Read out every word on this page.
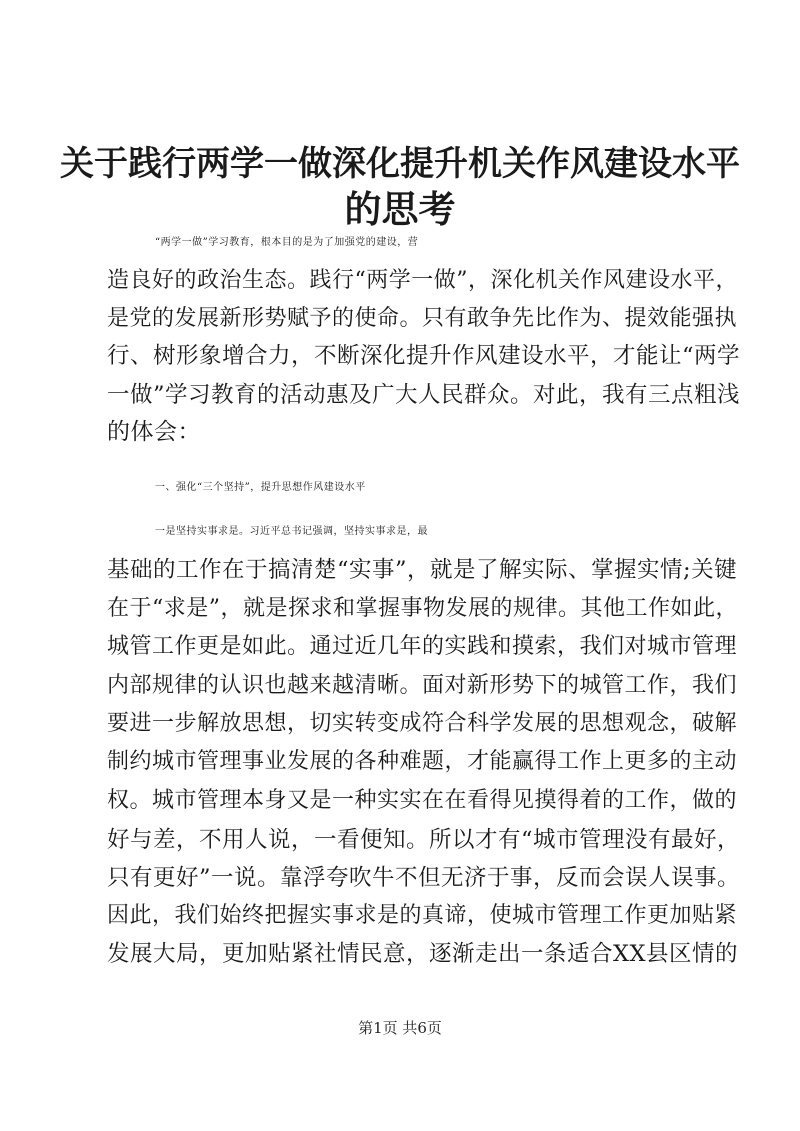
关于践行两学一做深化提升机关作风建设水平
的思考
“两学一做”学习教育，根本目的是为了加强党的建设，营
造良好的政治生态。践行“两学一做”，深化机关作风建设水平，
是党的发展新形势赋予的使命。只有敢争先比作为、提效能强执
行、树形象增合力，不断深化提升作风建设水平，才能让“两学
一做”学习教育的活动惠及广大人民群众。对此，我有三点粗浅
的体会：
一、强化“三个坚持”，提升思想作风建设水平
一是坚持实事求是。习近平总书记强调，坚持实事求是，最
基础的工作在于搞清楚“实事”，就是了解实际、掌握实情;关键
在于“求是”，就是探求和掌握事物发展的规律。其他工作如此，
城管工作更是如此。通过近几年的实践和摸索，我们对城市管理
内部规律的认识也越来越清晰。面对新形势下的城管工作，我们
要进一步解放思想，切实转变成符合科学发展的思想观念，破解
制约城市管理事业发展的各种难题，才能赢得工作上更多的主动
权。城市管理本身又是一种实实在在看得见摸得着的工作，做的
好与差，不用人说，一看便知。所以才有“城市管理没有最好，
只有更好”一说。靠浮夸吹牛不但无济于事，反而会误人误事。
因此，我们始终把握实事求是的真谛，使城市管理工作更加贴紧
发展大局，更加贴紧社情民意，逐渐走出一条适合XX县区情的
第1页 共6页
